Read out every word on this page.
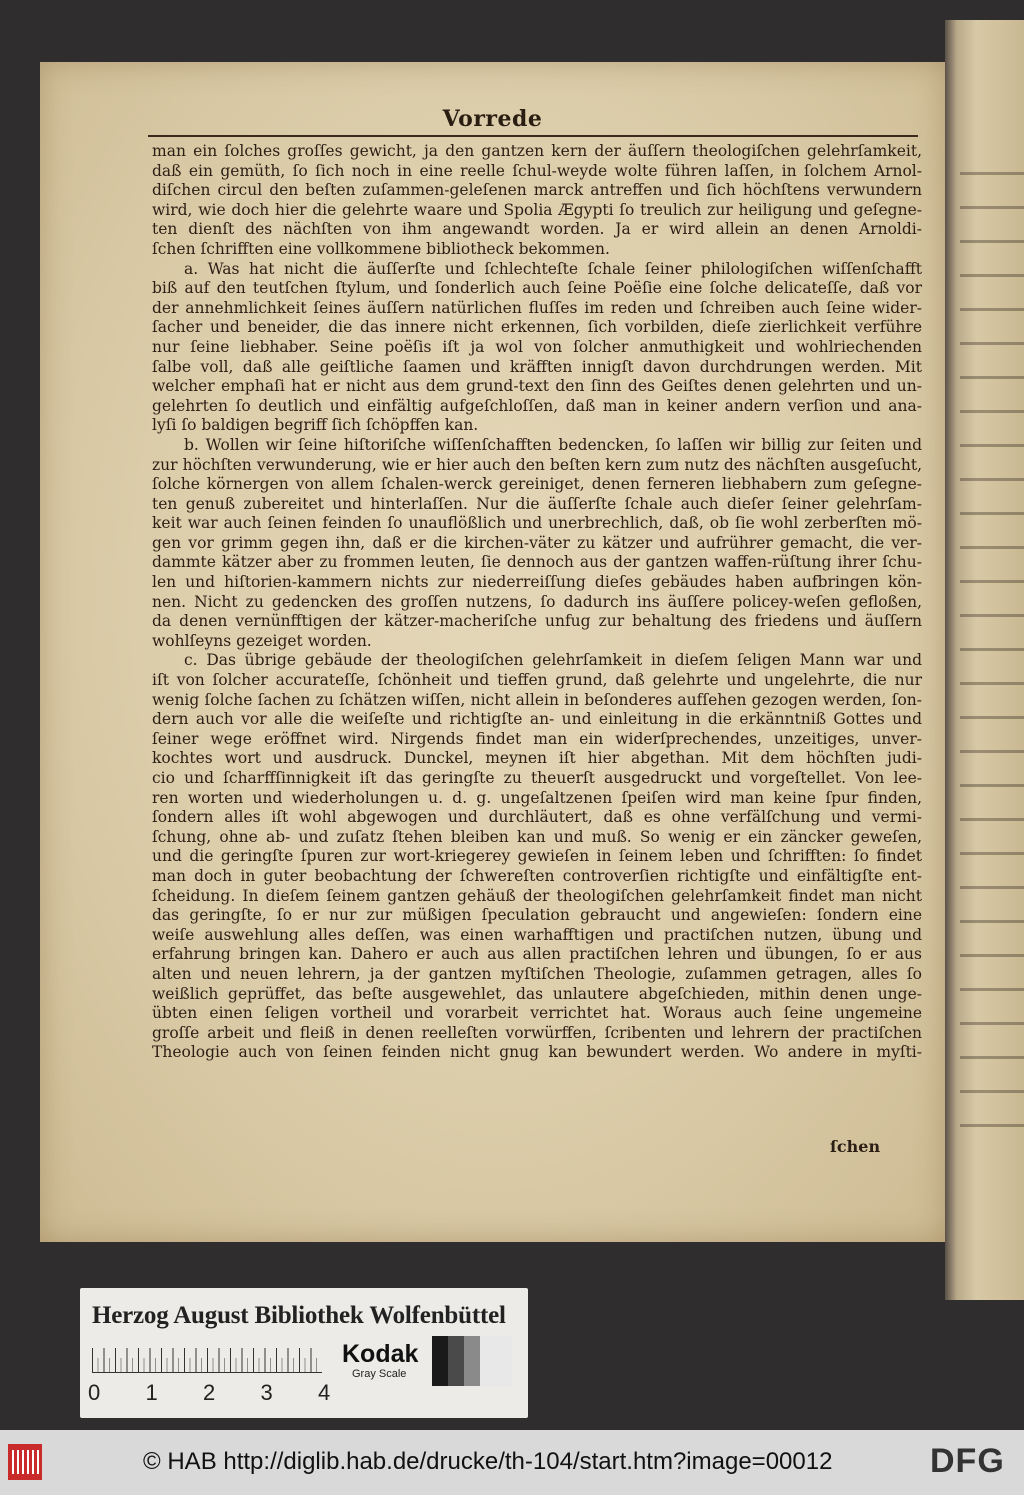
Vorrede
man ein ſolches groſſes gewicht, ja den gantzen kern der äuſſern theologiſchen gelehrſamkeit,
daß ein gemüth, ſo ſich noch in eine reelle ſchul-weyde wolte führen laſſen, in ſolchem Arnol-
diſchen circul den beſten zuſammen-geleſenen marck antreffen und ſich höchſtens verwundern
wird, wie doch hier die gelehrte waare und Spolia Ægypti ſo treulich zur heiligung und geſegne-
ten dienſt des nächſten von ihm angewandt worden. Ja er wird allein an denen Arnoldi-
ſchen ſchrifften eine vollkommene bibliotheck bekommen.
a. Was hat nicht die äuſſerſte und ſchlechteſte ſchale ſeiner philologiſchen wiſſenſchafft
biß auf den teutſchen ſtylum, und ſonderlich auch ſeine Poëſie eine ſolche delicateſſe, daß vor
der annehmlichkeit ſeines äuſſern natürlichen fluſſes im reden und ſchreiben auch ſeine wider-
ſacher und beneider, die das innere nicht erkennen, ſich vorbilden, dieſe zierlichkeit verführe
nur ſeine liebhaber. Seine poëſis iſt ja wol von ſolcher anmuthigkeit und wohlriechenden
ſalbe voll, daß alle geiſtliche ſaamen und kräfften innigſt davon durchdrungen werden. Mit
welcher emphaſi hat er nicht aus dem grund-text den ſinn des Geiſtes denen gelehrten und un-
gelehrten ſo deutlich und einfältig aufgeſchloſſen, daß man in keiner andern verſion und ana-
lyſi ſo baldigen begriff ſich ſchöpffen kan.
b. Wollen wir ſeine hiſtoriſche wiſſenſchafften bedencken, ſo laſſen wir billig zur ſeiten und
zur höchſten verwunderung, wie er hier auch den beſten kern zum nutz des nächſten ausgeſucht,
ſolche körnergen von allem ſchalen-werck gereiniget, denen ferneren liebhabern zum geſegne-
ten genuß zubereitet und hinterlaſſen. Nur die äuſſerſte ſchale auch dieſer ſeiner gelehrſam-
keit war auch ſeinen feinden ſo unauflößlich und unerbrechlich, daß, ob ſie wohl zerberſten mö-
gen vor grimm gegen ihn, daß er die kirchen-väter zu kätzer und aufrührer gemacht, die ver-
dammte kätzer aber zu frommen leuten, ſie dennoch aus der gantzen waffen-rüſtung ihrer ſchu-
len und hiſtorien-kammern nichts zur niederreiſſung dieſes gebäudes haben aufbringen kön-
nen. Nicht zu gedencken des groſſen nutzens, ſo dadurch ins äuſſere policey-weſen gefloßen,
da denen vernünfftigen der kätzer-macheriſche unfug zur behaltung des friedens und äuſſern
wohlſeyns gezeiget worden.
c. Das übrige gebäude der theologiſchen gelehrſamkeit in dieſem ſeligen Mann war und
iſt von ſolcher accurateſſe, ſchönheit und tieffen grund, daß gelehrte und ungelehrte, die nur
wenig ſolche ſachen zu ſchätzen wiſſen, nicht allein in beſonderes aufſehen gezogen werden, ſon-
dern auch vor alle die weiſeſte und richtigſte an- und einleitung in die erkänntniß Gottes und
ſeiner wege eröffnet wird. Nirgends findet man ein widerſprechendes, unzeitiges, unver-
kochtes wort und ausdruck. Dunckel, meynen iſt hier abgethan. Mit dem höchſten judi-
cio und ſcharffſinnigkeit iſt das geringſte zu theuerſt ausgedruckt und vorgeſtellet. Von lee-
ren worten und wiederholungen u. d. g. ungeſaltzenen ſpeiſen wird man keine ſpur finden,
ſondern alles iſt wohl abgewogen und durchläutert, daß es ohne verfälſchung und vermi-
ſchung, ohne ab- und zuſatz ſtehen bleiben kan und muß. So wenig er ein zäncker geweſen,
und die geringſte ſpuren zur wort-kriegerey gewieſen in ſeinem leben und ſchrifften: ſo findet
man doch in guter beobachtung der ſchwereſten controverſien richtigſte und einfältigſte ent-
ſcheidung. In dieſem ſeinem gantzen gehäuß der theologiſchen gelehrſamkeit findet man nicht
das geringſte, ſo er nur zur müßigen ſpeculation gebraucht und angewieſen: ſondern eine
weiſe auswehlung alles deſſen, was einen warhafftigen und practiſchen nutzen, übung und
erfahrung bringen kan. Dahero er auch aus allen practiſchen lehren und übungen, ſo er aus
alten und neuen lehrern, ja der gantzen myſtiſchen Theologie, zuſammen getragen, alles ſo
weißlich geprüffet, das beſte ausgewehlet, das unlautere abgeſchieden, mithin denen unge-
übten einen ſeligen vortheil und vorarbeit verrichtet hat. Woraus auch ſeine ungemeine
groſſe arbeit und fleiß in denen reelleſten vorwürffen, ſcribenten und lehrern der practiſchen
Theologie auch von ſeinen feinden nicht gnug kan bewundert werden. Wo andere in myſti-
ſchen
Herzog August Bibliothek Wolfenbüttel
0 1 2 3 4
Kodak
Gray Scale
© HAB http://diglib.hab.de/drucke/th-104/start.htm?image=00012	DFG
